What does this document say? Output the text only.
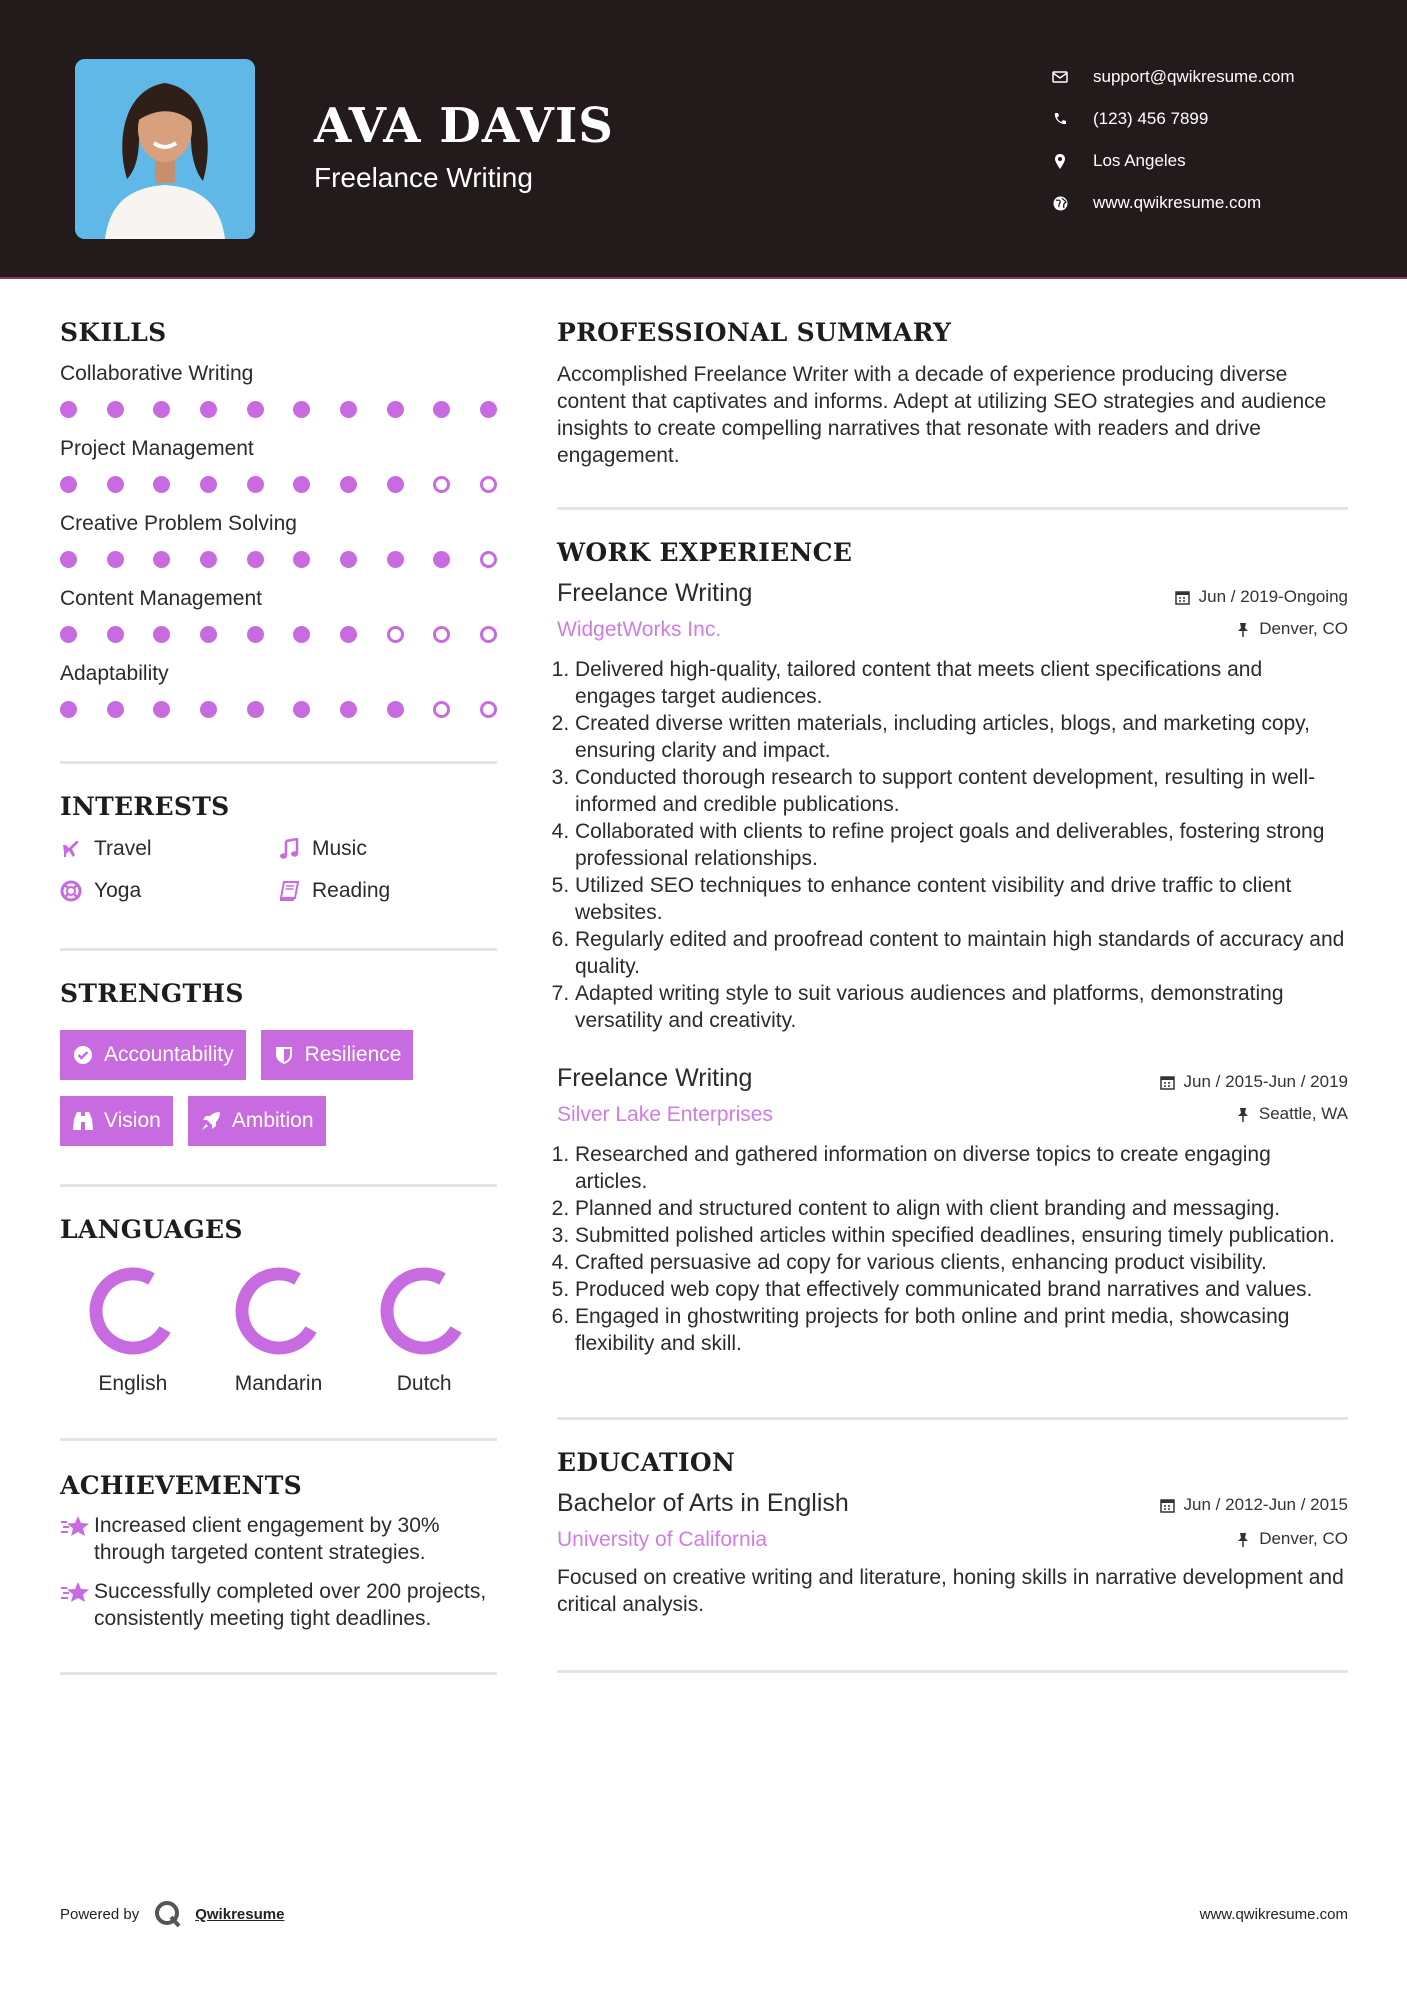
AVA DAVIS
Freelance Writing
support@qwikresume.com
(123) 456 7899
Los Angeles
www.qwikresume.com
SKILLS
Collaborative Writing
Project Management
Creative Problem Solving
Content Management
Adaptability
INTERESTS
Travel	Music
Yoga	Reading
STRENGTHS
Accountability	Resilience
Vision	Ambition
LANGUAGES
English	Mandarin	Dutch
ACHIEVEMENTS
Increased client engagement by 30% through targeted content strategies.
Successfully completed over 200 projects, consistently meeting tight deadlines.
PROFESSIONAL SUMMARY
Accomplished Freelance Writer with a decade of experience producing diverse content that captivates and informs. Adept at utilizing SEO strategies and audience insights to create compelling narratives that resonate with readers and drive engagement.
WORK EXPERIENCE
Freelance Writing
WidgetWorks Inc.
Jun / 2019-Ongoing
Denver, CO
1. Delivered high-quality, tailored content that meets client specifications and engages target audiences.
2. Created diverse written materials, including articles, blogs, and marketing copy, ensuring clarity and impact.
3. Conducted thorough research to support content development, resulting in well-informed and credible publications.
4. Collaborated with clients to refine project goals and deliverables, fostering strong professional relationships.
5. Utilized SEO techniques to enhance content visibility and drive traffic to client websites.
6. Regularly edited and proofread content to maintain high standards of accuracy and quality.
7. Adapted writing style to suit various audiences and platforms, demonstrating versatility and creativity.
Freelance Writing
Silver Lake Enterprises
Jun / 2015-Jun / 2019
Seattle, WA
1. Researched and gathered information on diverse topics to create engaging articles.
2. Planned and structured content to align with client branding and messaging.
3. Submitted polished articles within specified deadlines, ensuring timely publication.
4. Crafted persuasive ad copy for various clients, enhancing product visibility.
5. Produced web copy that effectively communicated brand narratives and values.
6. Engaged in ghostwriting projects for both online and print media, showcasing flexibility and skill.
EDUCATION
Bachelor of Arts in English
University of California
Jun / 2012-Jun / 2015
Denver, CO
Focused on creative writing and literature, honing skills in narrative development and critical analysis.
Powered by	Qwikresume	www.qwikresume.com
